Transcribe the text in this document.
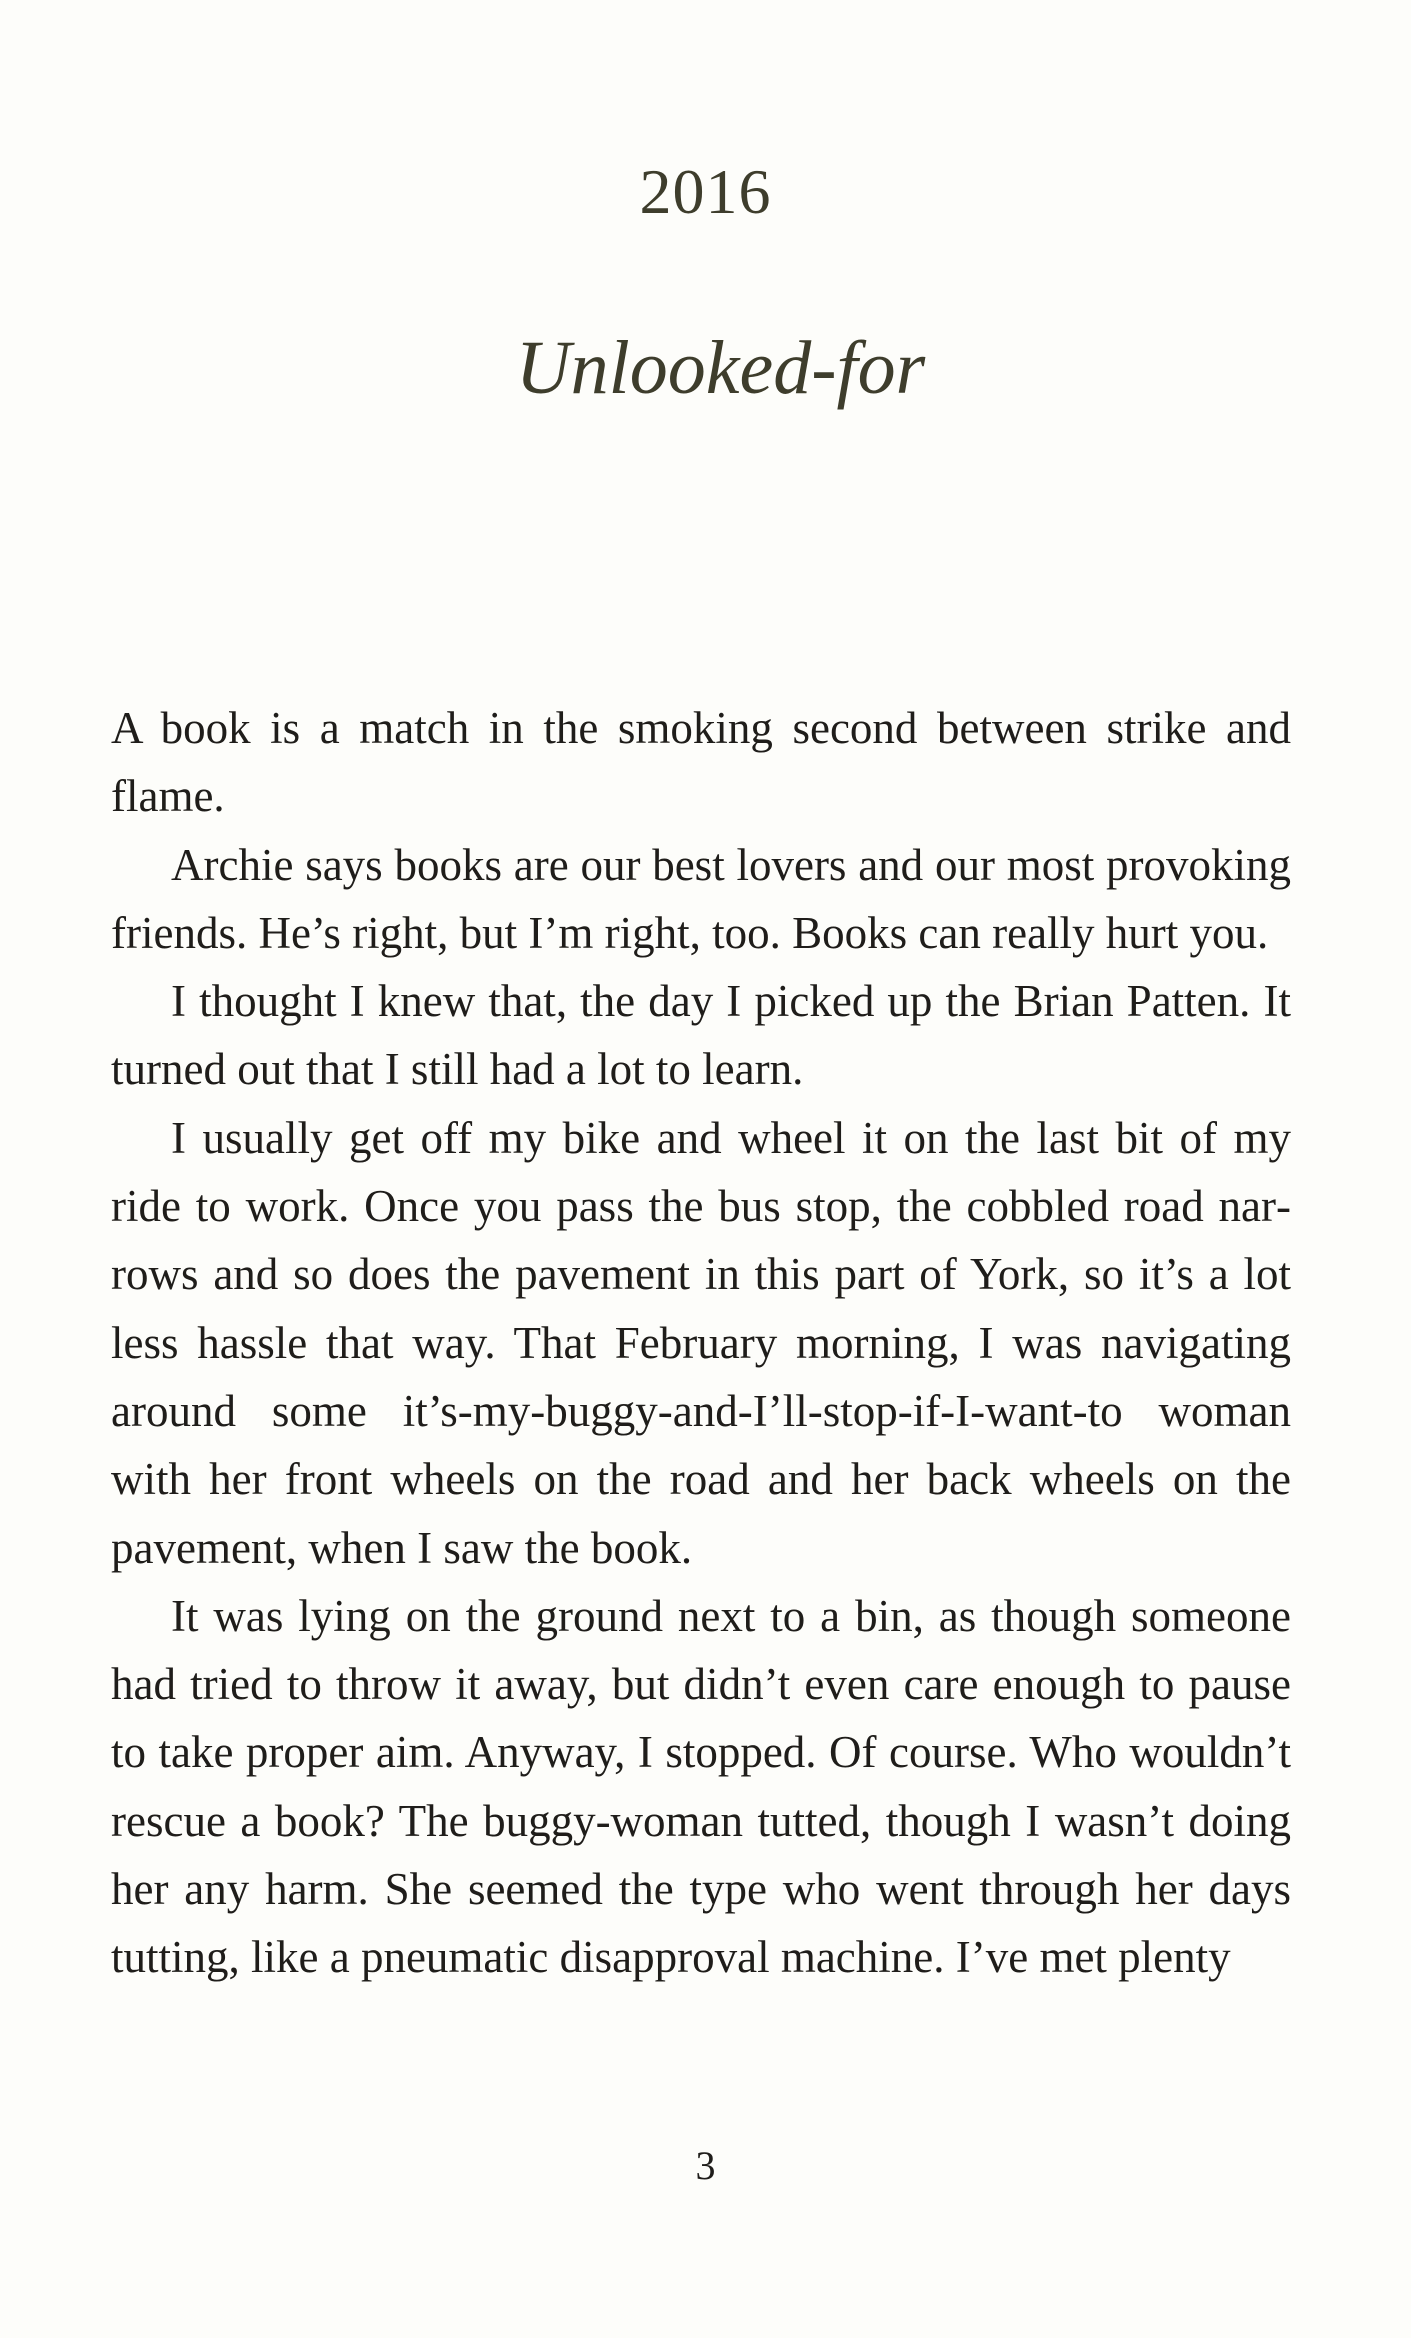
2016
Unlooked-for

A book is a match in the smoking second between strike and flame.

Archie says books are our best lovers and our most provoking friends. He’s right, but I’m right, too. Books can really hurt you.

I thought I knew that, the day I picked up the Brian Patten. It turned out that I still had a lot to learn.

I usually get off my bike and wheel it on the last bit of my ride to work. Once you pass the bus stop, the cobbled road narrows and so does the pavement in this part of York, so it’s a lot less hassle that way. That February morning, I was navigating around some it’s-my-buggy-and-I’ll-stop-if-I-want-to woman with her front wheels on the road and her back wheels on the pavement, when I saw the book.

It was lying on the ground next to a bin, as though someone had tried to throw it away, but didn’t even care enough to pause to take proper aim. Anyway, I stopped. Of course. Who wouldn’t rescue a book? The buggy-woman tutted, though I wasn’t doing her any harm. She seemed the type who went through her days tutting, like a pneumatic disapproval machine. I’ve met plenty

3
